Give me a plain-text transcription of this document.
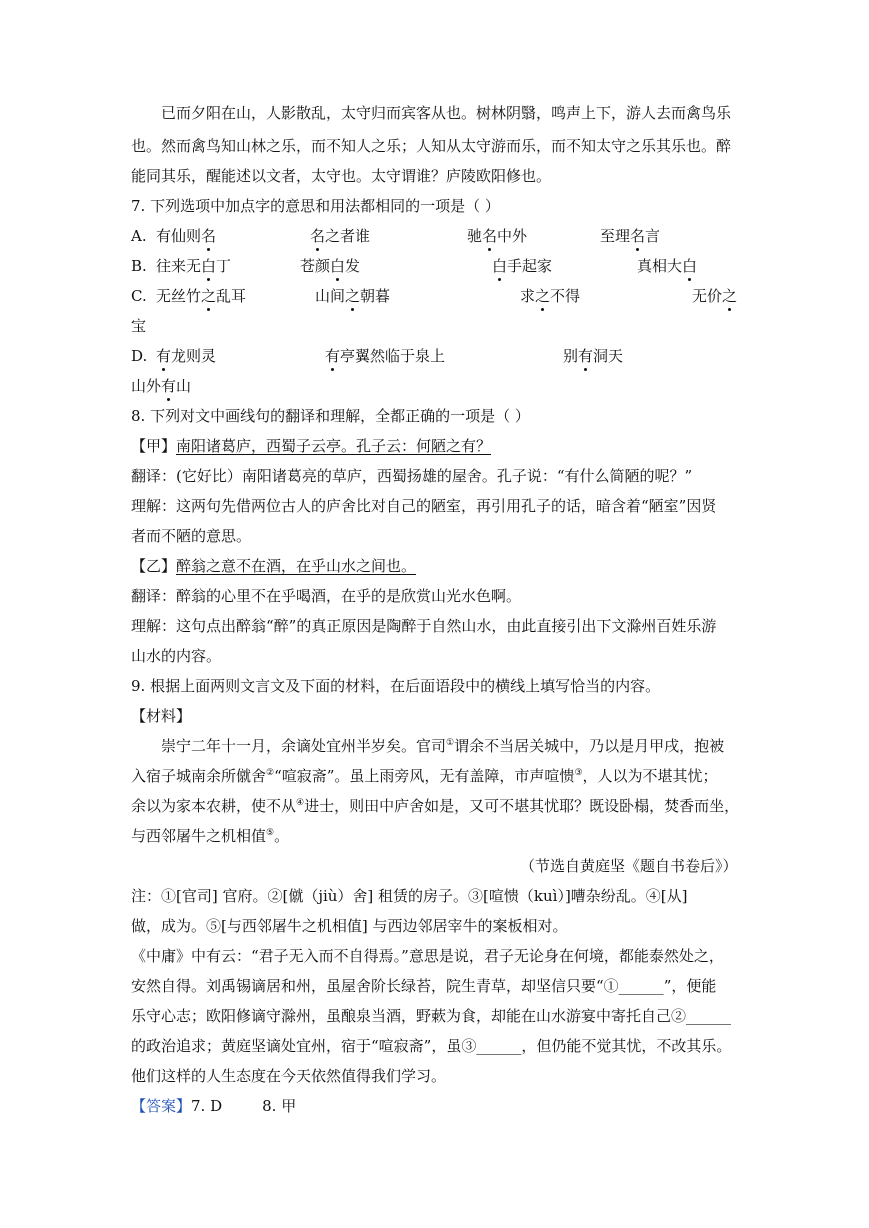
已而夕阳在山，人影散乱，太守归而宾客从也。树林阴翳，鸣声上下，游人去而禽鸟乐
也。然而禽鸟知山林之乐，而不知人之乐；人知从太守游而乐，而不知太守之乐其乐也。醉
能同其乐，醒能述以文者，太守也。太守谓谁？庐陵欧阳修也。
7. 下列选项中加点字的意思和用法都相同的一项是（ ）
A. 有仙则名	名之者谁	驰名中外	至理名言
B. 往来无白丁	苍颜白发	白手起家	真相大白
C. 无丝竹之乱耳	山间之朝暮	求之不得	无价之
宝
D. 有龙则灵	有亭翼然临于泉上	别有洞天
山外有山
8. 下列对文中画线句的翻译和理解，全都正确的一项是（ ）
【甲】南阳诸葛庐，西蜀子云亭。孔子云：何陋之有？
翻译：(它好比）南阳诸葛亮的草庐，西蜀扬雄的屋舍。孔子说：“有什么简陋的呢？”
理解：这两句先借两位古人的庐舍比对自己的陋室，再引用孔子的话，暗含着“陋室”因贤
者而不陋的意思。
【乙】醉翁之意不在酒，在乎山水之间也。
翻译：醉翁的心里不在乎喝酒，在乎的是欣赏山光水色啊。
理解：这句点出醉翁“醉”的真正原因是陶醉于自然山水，由此直接引出下文滁州百姓乐游
山水的内容。
9. 根据上面两则文言文及下面的材料，在后面语段中的横线上填写恰当的内容。
【材料】
崇宁二年十一月，余谪处宜州半岁矣。官司①谓余不当居关城中，乃以是月甲戌，抱被
入宿子城南余所僦舍②“喧寂斋”。虽上雨旁风，无有盖障，市声喧愦③，人以为不堪其忧；
余以为家本农耕，使不从④进士，则田中庐舍如是，又可不堪其忧耶？既设卧榻，焚香而坐，
与西邻屠牛之机相值⑤。
（节选自黄庭坚《题自书卷后》）
注：①[官司] 官府。②[僦（jiù）舍] 租赁的房子。③[喧愦（kuì）]嘈杂纷乱。④[从]
做，成为。⑤[与西邻屠牛之机相值] 与西边邻居宰牛的案板相对。
《中庸》中有云：“君子无入而不自得焉。”意思是说，君子无论身在何境，都能泰然处之，
安然自得。刘禹锡谪居和州，虽屋舍阶长绿苔，院生青草，却坚信只要“①______”，便能
乐守心志；欧阳修谪守滁州，虽酿泉当酒，野蔌为食，却能在山水游宴中寄托自己②______
的政治追求；黄庭坚谪处宜州，宿于“喧寂斋”，虽③______，但仍能不觉其忧，不改其乐。
他们这样的人生态度在今天依然值得我们学习。
【答案】7. D	8. 甲
